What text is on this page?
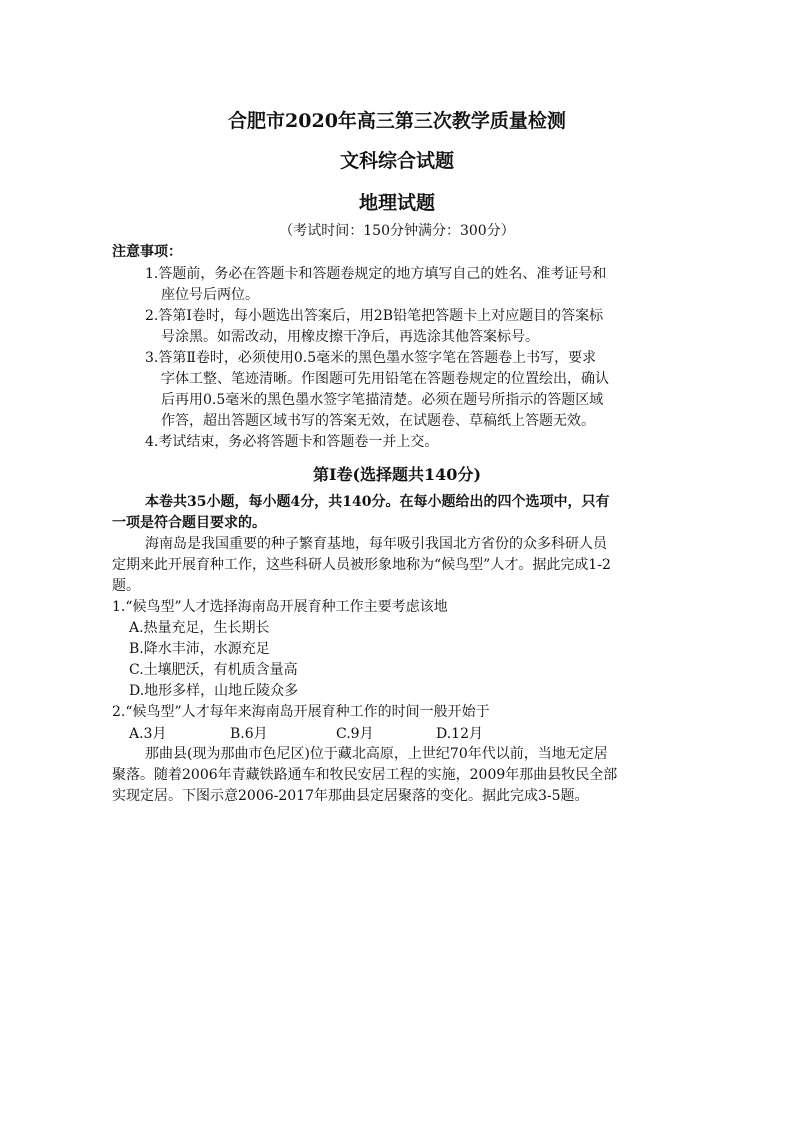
合肥市2020年高三第三次教学质量检测
文科综合试题
地理试题
（考试时间：150分钟满分：300分）
注意事项：
1.答题前，务必在答题卡和答题卷规定的地方填写自己的姓名、准考证号和
座位号后两位。
2.答第Ⅰ卷时，每小题选出答案后，用2B铅笔把答题卡上对应题目的答案标
号涂黑。如需改动，用橡皮擦干净后，再选涂其他答案标号。
3.答第Ⅱ卷时，必须使用0.5毫米的黑色墨水签字笔在答题卷上书写，要求
字体工整、笔迹清晰。作图题可先用铅笔在答题卷规定的位置绘出，确认
后再用0.5毫米的黑色墨水签字笔描清楚。必须在题号所指示的答题区域
作答，超出答题区域书写的答案无效，在试题卷、草稿纸上答题无效。
4.考试结束，务必将答题卡和答题卷一并上交。
第Ⅰ卷(选择题共140分)
本卷共35小题，每小题4分，共140分。在每小题给出的四个选项中，只有
一项是符合题目要求的。
海南岛是我国重要的种子繁育基地，每年吸引我国北方省份的众多科研人员
定期来此开展育种工作，这些科研人员被形象地称为“候鸟型”人才。据此完成1-2
题。
1.“候鸟型”人才选择海南岛开展育种工作主要考虑该地
A.热量充足，生长期长
B.降水丰沛，水源充足
C.土壤肥沃，有机质含量高
D.地形多样，山地丘陵众多
2.“候鸟型”人才每年来海南岛开展育种工作的时间一般开始于
A.3月	B.6月	C.9月	D.12月
那曲县(现为那曲市色尼区)位于藏北高原，上世纪70年代以前，当地无定居
聚落。随着2006年青藏铁路通车和牧民安居工程的实施，2009年那曲县牧民全部
实现定居。下图示意2006-2017年那曲县定居聚落的变化。据此完成3-5题。
